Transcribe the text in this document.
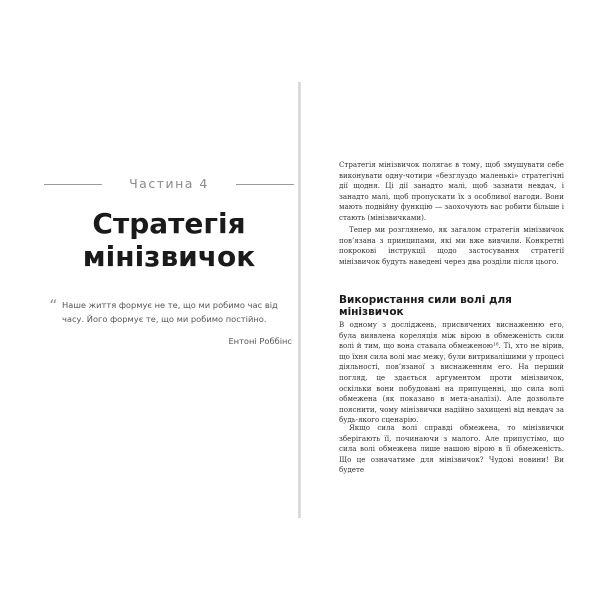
Частина 4
Стратегія
мінізвичок
“ Наше життя формує не те, що ми робимо час від часу. Його формує те, що ми робимо постійно.
Ентоні Роббінс

Стратегія мінізвичок полягає в тому, щоб змушувати себе виконувати одну-чотири «безглуздо маленькі» стратегічні дії щодня. Ці дії занадто малі, щоб зазнати невдач, і занадто малі, щоб пропускати їх з особливої нагоди. Вони мають подвійну функцію — заохочують вас робити більше і стають (мінізвичками).

Тепер ми розглянемо, як загалом стратегія мінізвичок пов’язана з принципами, які ми вже вивчили. Конкретні покрокові інструкції щодо застосування стратегії мінізвичок будуть наведені через два розділи після цього.

Використання сили волі для мінізвичок

В одному з досліджень, присвячених виснаженню его, була виявлена кореляція між вірою в обмеженість сили волі й тим, що вона ставала обмеженою¹⁸. Ті, хто не вірив, що їхня сила волі має межу, були витривалішими у процесі діяльності, пов’язаної з виснаженням его. На перший погляд, це здається аргументом проти мінізвичок, оскільки вони побудовані на припущенні, що сила волі обмежена (як показано в мета-аналізі). Але дозвольте пояснити, чому мінізвички надійно захищені від невдач за будь-якого сценарію.

Якщо сила волі справді обмежена, то мінізвички зберігають її, починаючи з малого. Але припустімо, що сила волі обмежена лише нашою вірою в її обмеженість. Що це означатиме для мінізвичок? Чудові новини! Ви будете
